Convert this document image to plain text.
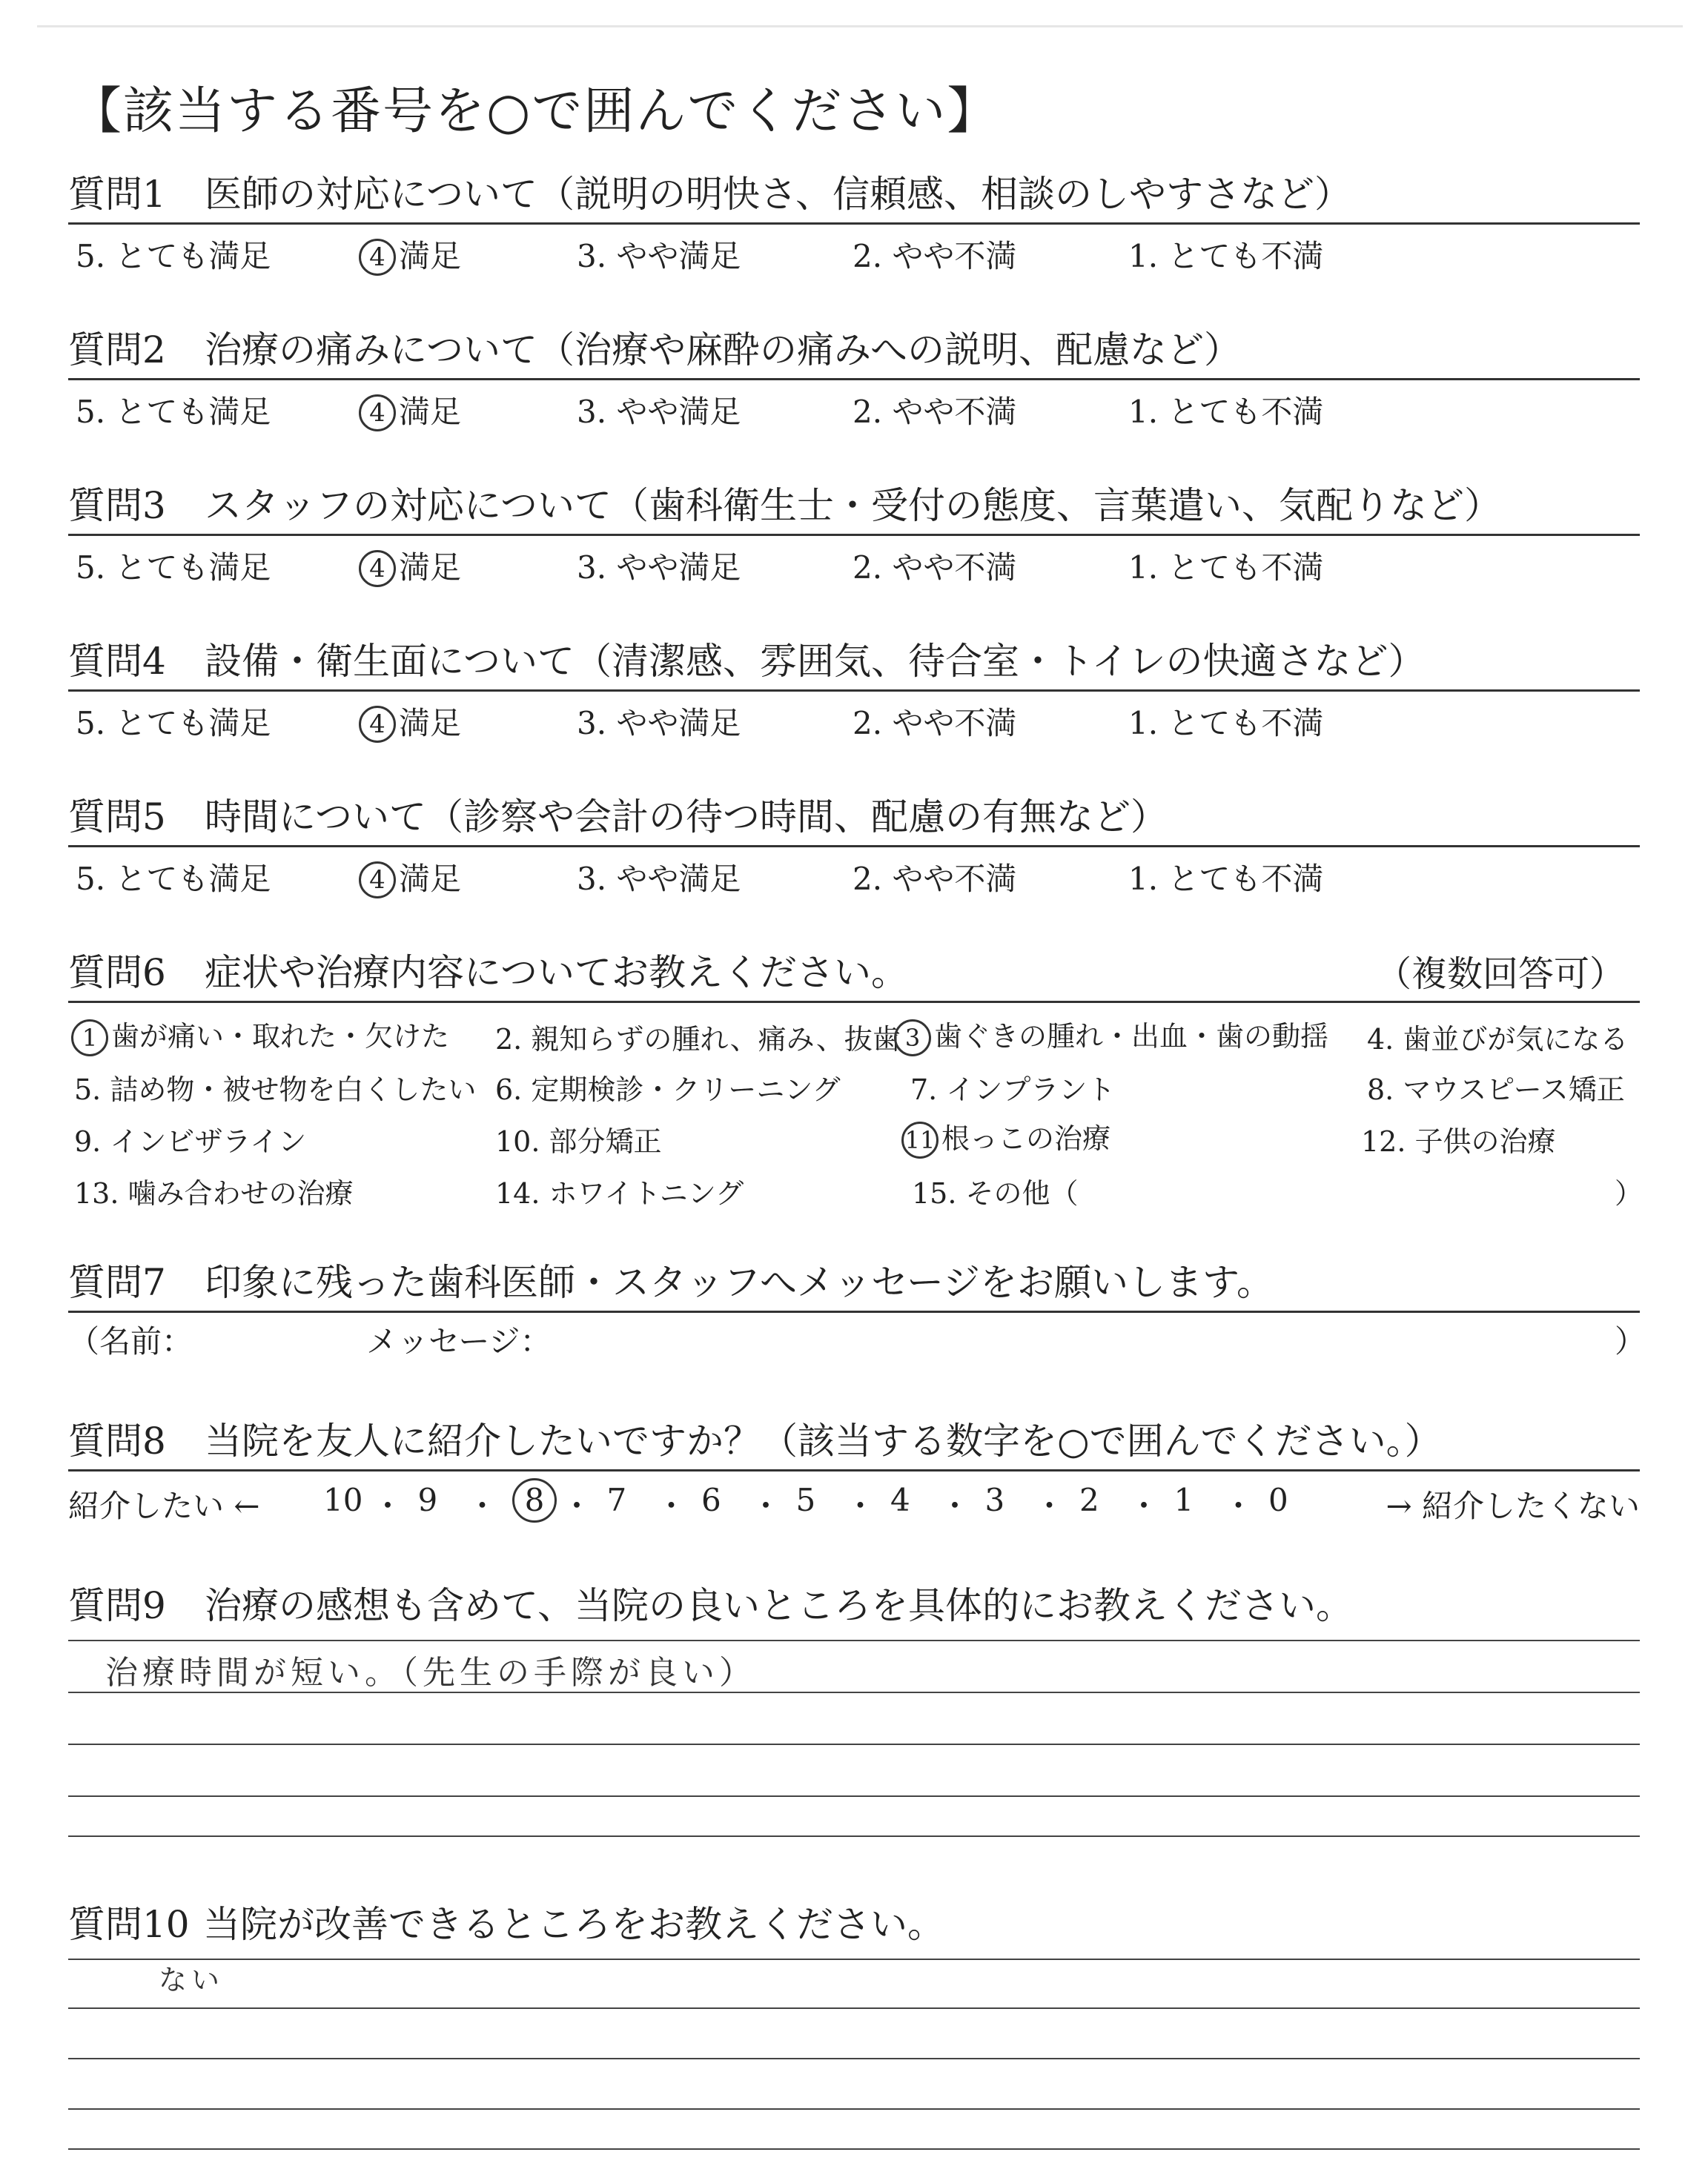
【該当する番号を○で囲んでください】
質問1 医師の対応について（説明の明快さ、信頼感、相談のしやすさなど）
5. とても満足	4 満足	3. やや満足	2. やや不満	1. とても不満
質問2 治療の痛みについて（治療や麻酔の痛みへの説明、配慮など）
5. とても満足	4 満足	3. やや満足	2. やや不満	1. とても不満
質問3 スタッフの対応について（歯科衛生士・受付の態度、言葉遣い、気配りなど）
5. とても満足	4 満足	3. やや満足	2. やや不満	1. とても不満
質問4 設備・衛生面について（清潔感、雰囲気、待合室・トイレの快適さなど）
5. とても満足	4 満足	3. やや満足	2. やや不満	1. とても不満
質問5 時間について（診察や会計の待つ時間、配慮の有無など）
5. とても満足	4 満足	3. やや満足	2. やや不満	1. とても不満
質問6 症状や治療内容についてお教えください。	（複数回答可）
1 歯が痛い・取れた・欠けた 2. 親知らずの腫れ、痛み、抜歯 3 歯ぐきの腫れ・出血・歯の動揺 4. 歯並びが気になる
5. 詰め物・被せ物を白くしたい 6. 定期検診・クリーニング 7. インプラント	8. マウスピース矯正
9. インビザライン	10. 部分矯正	11 根っこの治療	12. 子供の治療
13. 噛み合わせの治療	14. ホワイトニング	15. その他（	）
質問7 印象に残った歯科医師・スタッフへメッセージをお願いします。
（名前：	メッセージ：	）
質問8 当院を友人に紹介したいですか？（該当する数字を○で囲んでください。）
紹介したい ←	→ 紹介したくない
10 ・ 9 ・ 8 ・ 7 ・ 6 ・ 5 ・ 4 ・ 3 ・ 2 ・ 1 ・ 0
質問9 治療の感想も含めて、当院の良いところを具体的にお教えください。
治療時間が短い。（先生の手際が良い）
質問10 当院が改善できるところをお教えください。
ない
